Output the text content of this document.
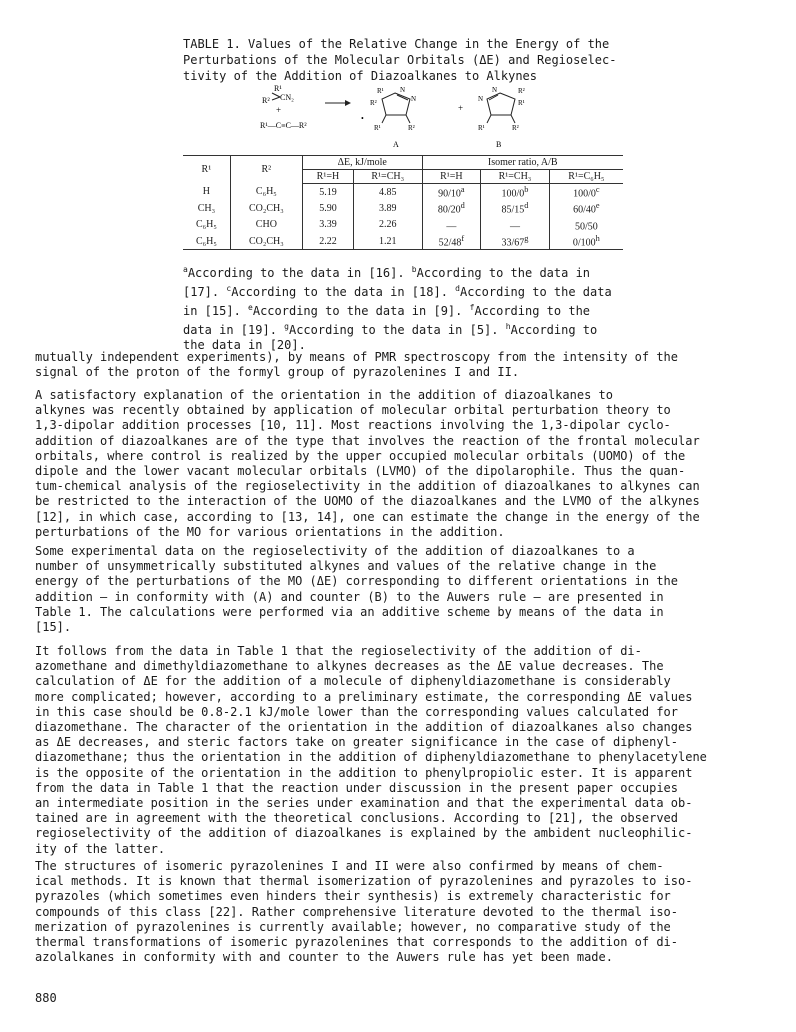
TABLE 1. Values of the Relative Change in the Energy of the
Perturbations of the Molecular Orbitals (ΔE) and Regioselec-
tivity of the Addition of Diazoalkanes to Alkynes
R¹
R² CN₂
+
R¹—C≡C—R²
N
N
R¹
R²
R¹	R²
A
+
•
N
N	R²
R¹
R¹	R²
B
R¹	R²	ΔE, kJ/mole		Isomer ratio, A/B		
		R¹=H	R¹=CH₃	R¹=H	R¹=CH₃	R¹=C₆H₅
H	C₆H₅	5.19	4.85	90/10$^a$	100/0$^b$	100/0$^c$
CH₃	CO₂CH₃	5.90	3.89	80/20$^d$	85/15$^d$	60/40e
C₆H₅	CHO	3.39	2.26	—	—	50/50
C₆H₅	CO₂CH₃	2.22	1.21	52/48$^f$	33/67$^g$	0/100$^h$
$^a$According to the data in [16]. $^b$According to the data in [17]. $^c$According to the data in [18]. $^d$According to the data in [15]. $^e$According to the data in [9]. $^f$According to the data in [19]. $^g$According to the data in [5]. $^h$According to the data in [20].
mutually independent experiments), by means of PMR spectroscopy from the intensity of the
signal of the proton of the formyl group of pyrazolenines I and II.
A satisfactory explanation of the orientation in the addition of diazoalkanes to
alkynes was recently obtained by application of molecular orbital perturbation theory to
1,3-dipolar addition processes [10, 11]. Most reactions involving the 1,3-dipolar cyclo-
addition of diazoalkanes are of the type that involves the reaction of the frontal molecular
orbitals, where control is realized by the upper occupied molecular orbitals (UOMO) of the
dipole and the lower vacant molecular orbitals (LVMO) of the dipolarophile. Thus the quan-
tum-chemical analysis of the regioselectivity in the addition of diazoalkanes to alkynes can
be restricted to the interaction of the UOMO of the diazoalkanes and the LVMO of the alkynes
[12], in which case, according to [13, 14], one can estimate the change in the energy of the
perturbations of the MO for various orientations in the addition.
Some experimental data on the regioselectivity of the addition of diazoalkanes to a
number of unsymmetrically substituted alkynes and values of the relative change in the
energy of the perturbations of the MO (ΔE) corresponding to different orientations in the
addition — in conformity with (A) and counter (B) to the Auwers rule — are presented in
Table 1. The calculations were performed via an additive scheme by means of the data in
[15].
It follows from the data in Table 1 that the regioselectivity of the addition of di-
azomethane and dimethyldiazomethane to alkynes decreases as the ΔE value decreases. The
calculation of ΔE for the addition of a molecule of diphenyldiazomethane is considerably
more complicated; however, according to a preliminary estimate, the corresponding ΔE values
in this case should be 0.8-2.1 kJ/mole lower than the corresponding values calculated for
diazomethane. The character of the orientation in the addition of diazoalkanes also changes
as ΔE decreases, and steric factors take on greater significance in the case of diphenyl-
diazomethane; thus the orientation in the addition of diphenyldiazomethane to phenylacetylene
is the opposite of the orientation in the addition to phenylpropiolic ester. It is apparent
from the data in Table 1 that the reaction under discussion in the present paper occupies
an intermediate position in the series under examination and that the experimental data ob-
tained are in agreement with the theoretical conclusions. According to [21], the observed
regioselectivity of the addition of diazoalkanes is explained by the ambident nucleophilic-
ity of the latter.
The structures of isomeric pyrazolenines I and II were also confirmed by means of chem-
ical methods. It is known that thermal isomerization of pyrazolenines and pyrazoles to iso-
pyrazoles (which sometimes even hinders their synthesis) is extremely characteristic for
compounds of this class [22]. Rather comprehensive literature devoted to the thermal iso-
merization of pyrazolenines is currently available; however, no comparative study of the
thermal transformations of isomeric pyrazolenines that corresponds to the addition of di-
azolalkanes in conformity with and counter to the Auwers rule has yet been made.
880
